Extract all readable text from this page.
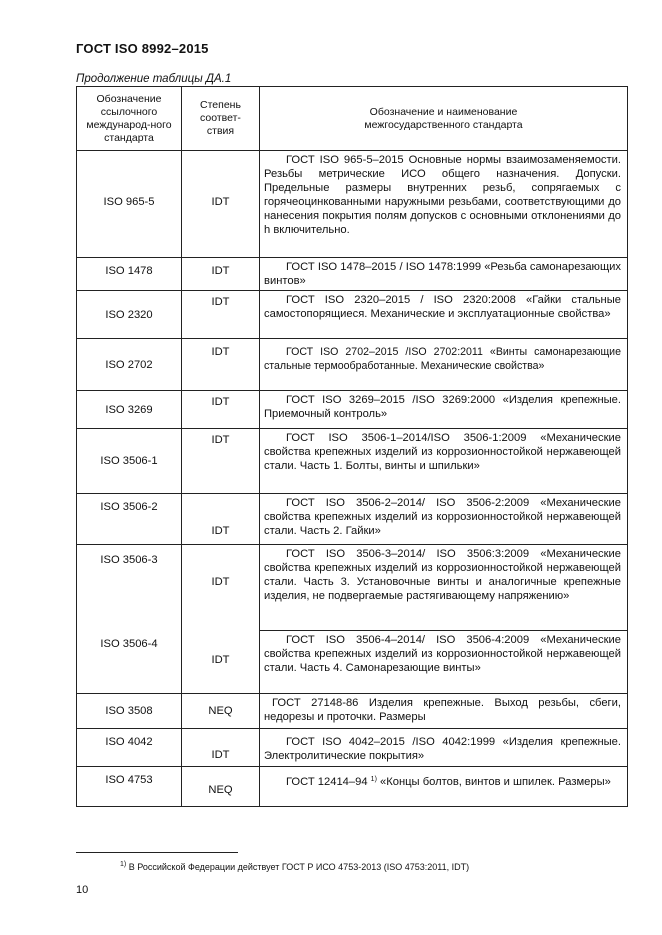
ГОСТ ISO 8992–2015
Продолжение таблицы ДА.1
Обозначение ссылочного международ-ного стандарта	Степень соответ-ствия	Обозначение и наименование межгосударственного стандарта

ISO 965-5	IDT	ГОСТ ISO 965-5–2015 Основные нормы взаимозаменяемости. Резьбы метрические ИСО общего назначения. Допуски. Предельные размеры внутренних резьб, сопрягаемых с горячеоцинкованными наружными резьбами, соответствующими до нанесения покрытия полям допусков с основными отклонениями до h включительно.

ISO 1478	IDT	ГОСТ ISO 1478–2015 / ISO 1478:1999 «Резьба самонарезающих винтов»

ISO 2320	IDT	ГОСТ ISO 2320–2015 / ISO 2320:2008 «Гайки стальные самостопорящиеся. Механические и эксплуатационные свойства»

ISO 2702	IDT	ГОСТ ISO 2702–2015 /ISO 2702:2011 «Винты самонарезающие стальные термообработанные. Механические свойства»

ISO 3269	IDT	ГОСТ ISO 3269–2015 /ISO 3269:2000 «Изделия крепежные. Приемочный контроль»

ISO 3506-1	IDT	ГОСТ ISO 3506-1–2014/ISO 3506-1:2009 «Механические свойства крепежных изделий из коррозионностойкой нержавеющей стали. Часть 1. Болты, винты и шпильки»

ISO 3506-2	IDT	ГОСТ ISO 3506-2–2014/ ISO 3506-2:2009 «Механические свойства крепежных изделий из коррозионностойкой нержавеющей стали. Часть 2. Гайки»

ISO 3506-3	IDT	ГОСТ ISO 3506-3–2014/ ISO 3506:3:2009 «Механические свойства крепежных изделий из коррозионностойкой нержавеющей стали. Часть 3. Установочные винты и аналогичные крепежные изделия, не подвергаемые растягивающему напряжению»

ISO 3506-4	IDT	ГОСТ ISO 3506-4–2014/ ISO 3506-4:2009 «Механические свойства крепежных изделий из коррозионностойкой нержавеющей стали. Часть 4. Самонарезающие винты»

ISO 3508	NEQ	ГОСТ 27148-86 Изделия крепежные. Выход резьбы, сбеги, недорезы и проточки. Размеры

ISO 4042	IDT	ГОСТ ISO 4042–2015 /ISO 4042:1999 «Изделия крепежные. Электролитические покрытия»

ISO 4753	NEQ	ГОСТ 12414–94 $^{1)}$ «Концы болтов, винтов и шпилек. Размеры»
$^{1)}$ В Российской Федерации действует ГОСТ Р ИСО 4753-2013 (ISO 4753:2011, IDT)
10
